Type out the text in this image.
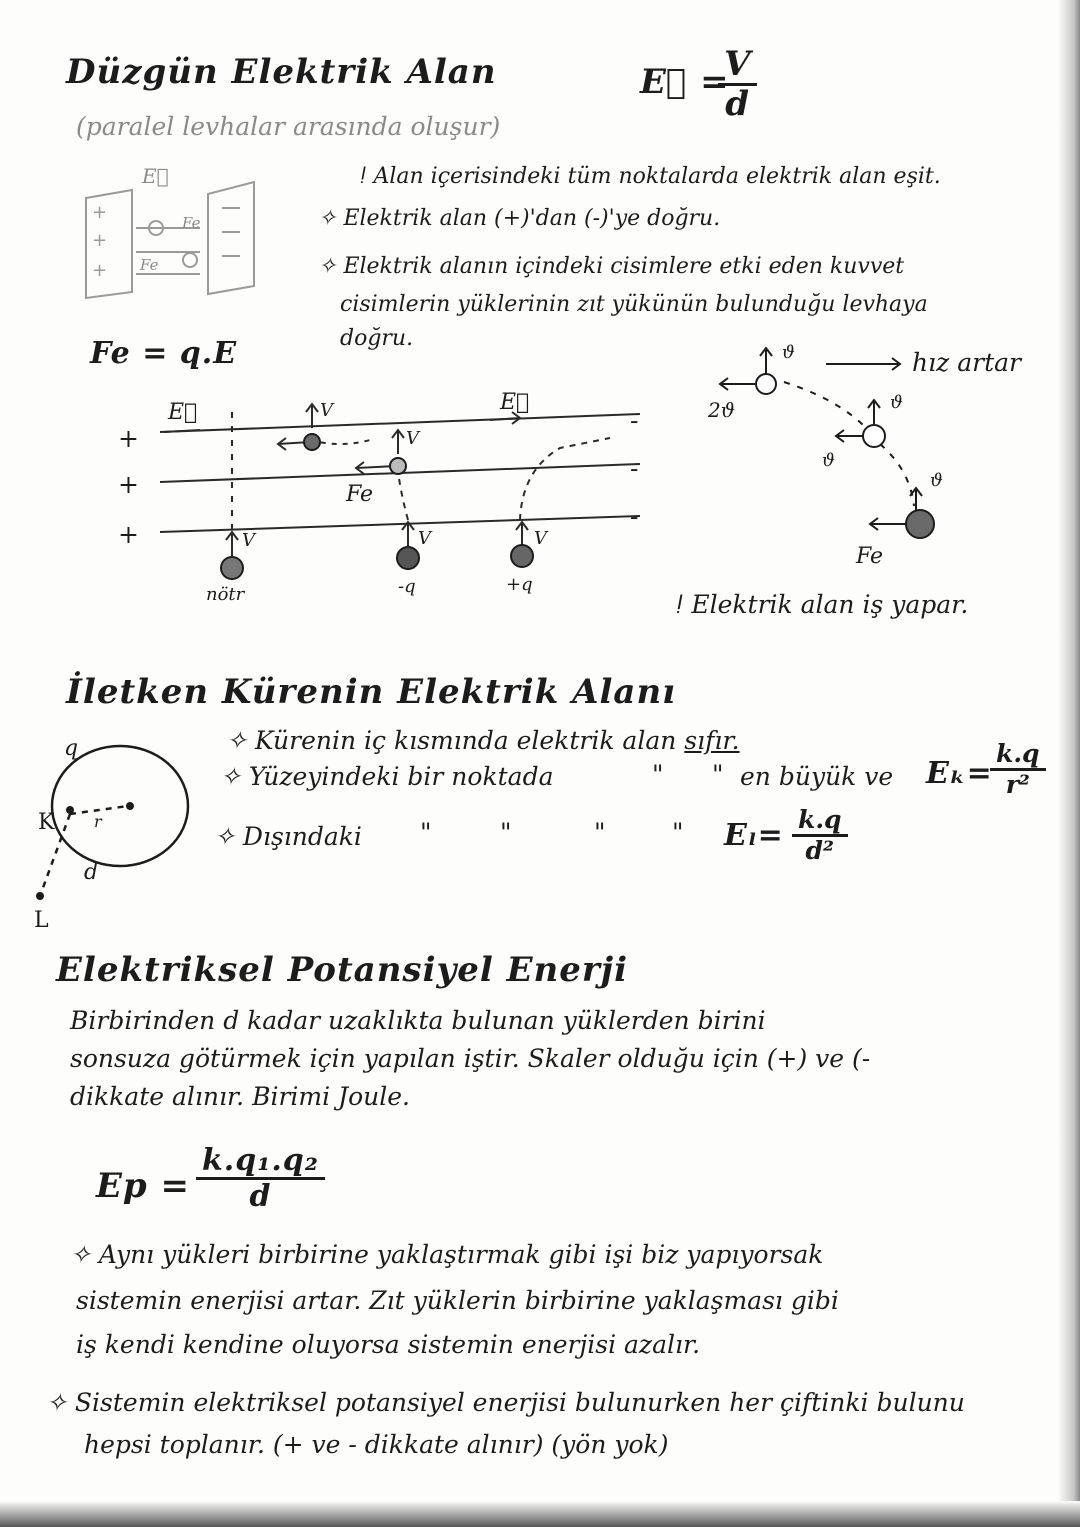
Düzgün Elektrik Alan
(paralel levhalar arasında oluşur)
E⃗ =
$\frac{V}{d}$
ǃ Alan içerisindeki tüm noktalarda elektrik alan eşit.
✧ Elektrik alan (+)'dan (-)'ye doğru.
✧ Elektrik alanın içindeki cisimlere etki eden kuvvet
cisimlerin yüklerinin zıt yükünün bulunduğu levhaya
doğru.
Fe = q.E
+
+
+
E⃗
Fe
Fe
+
+
+
-
-
-
E⃗	E⃗
Fe
V
V
V	V	V
nötr	-q	+q
hız artar
ϑ
2ϑ	ϑ
ϑ
ϑ
Fe
ǃ Elektrik alan iş yapar.
İletken Kürenin Elektrik Alanı
✧ Kürenin iç kısmında elektrik alan sıfır.
✧ Yüzeyindeki bir noktada	" " en büyük ve Eₖ=
$\frac{k.q}{\text{r²}}$
✧ Dışındaki "	"	"	" $E_l= \frac{k.q}{\text{d²}}$
q
K r
d
L
Elektriksel Potansiyel Enerji
Birbirinden d kadar uzaklıkta bulunan yüklerden birini
sonsuza götürmek için yapılan iştir. Skaler olduğu için (+) ve (-
dikkate alınır. Birimi Joule.
$Ep = \frac{\text{k.q₁.q₂}}{d}$
✧ Aynı yükleri birbirine yaklaştırmak gibi işi biz yapıyorsak
sistemin enerjisi artar. Zıt yüklerin birbirine yaklaşması gibi
iş kendi kendine oluyorsa sistemin enerjisi azalır.
✧ Sistemin elektriksel potansiyel enerjisi bulunurken her çiftinki bulunu
hepsi toplanır. (+ ve - dikkate alınır) (yön yok)
